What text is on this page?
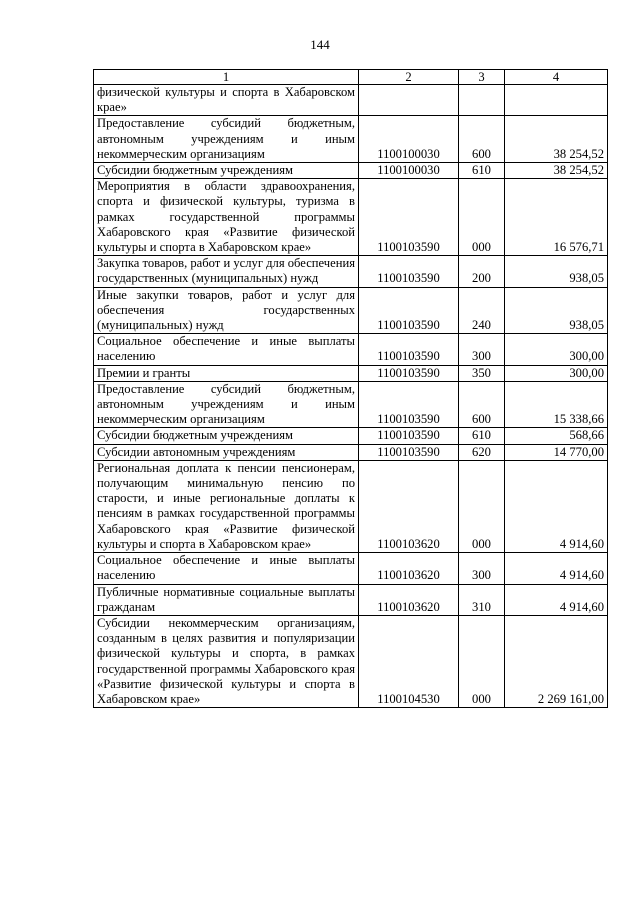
144
1	2	3	4
физической культуры и спорта в Хабаровском крае»			
Предоставление субсидий бюджетным, автономным учреждениям и иным некоммерческим организациям	1100100030	600	38 254,52
Субсидии бюджетным учреждениям	1100100030	610	38 254,52
Мероприятия в области здравоохранения, спорта и физической культуры, туризма в рамках государственной программы Хабаровского края «Развитие физической культуры и спорта в Хабаровском крае»	1100103590	000	16 576,71
Закупка товаров, работ и услуг для обеспечения государственных (муниципальных) нужд	1100103590	200	938,05
Иные закупки товаров, работ и услуг для обеспечения государственных (муниципальных) нужд	1100103590	240	938,05
Социальное обеспечение и иные выплаты населению	1100103590	300	300,00
Премии и гранты	1100103590	350	300,00
Предоставление субсидий бюджетным, автономным учреждениям и иным некоммерческим организациям	1100103590	600	15 338,66
Субсидии бюджетным учреждениям	1100103590	610	568,66
Субсидии автономным учреждениям	1100103590	620	14 770,00
Региональная доплата к пенсии пенсионерам, получающим минимальную пенсию по старости, и иные региональные доплаты к пенсиям в рамках государственной программы Хабаровского края «Развитие физической культуры и спорта в Хабаровском крае»	1100103620	000	4 914,60
Социальное обеспечение и иные выплаты населению	1100103620	300	4 914,60
Публичные нормативные социальные выплаты гражданам	1100103620	310	4 914,60
Субсидии некоммерческим организациям, созданным в целях развития и популяризации физической культуры и спорта, в рамках государственной программы Хабаровского края «Развитие физической культуры и спорта в Хабаровском крае»	1100104530	000	2 269 161,00
